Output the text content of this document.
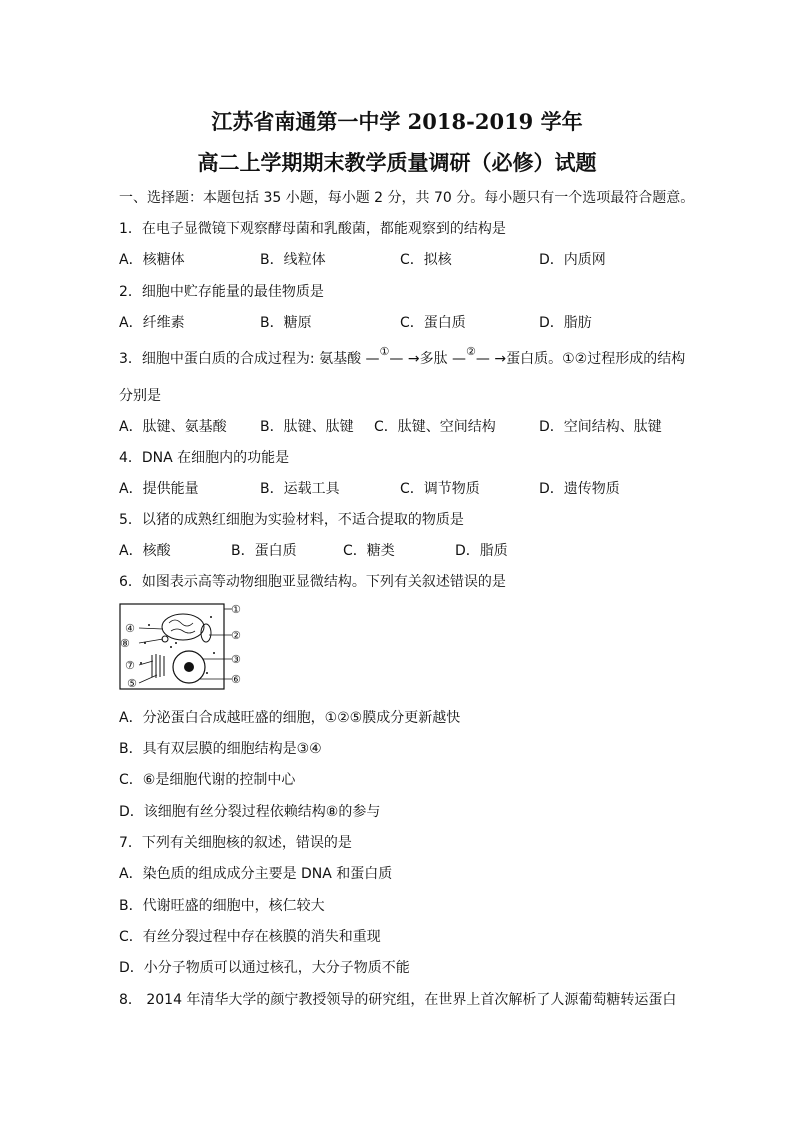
江苏省南通第一中学 2018-2019 学年
高二上学期期末教学质量调研（必修）试题
一、选择题：本题包括 35 小题，每小题 2 分，共 70 分。每小题只有一个选项最符合题意。
1．在电子显微镜下观察酵母菌和乳酸菌，都能观察到的结构是
A．核糖体	B．线粒体	C．拟核	D．内质网
2．细胞中贮存能量的最佳物质是
A．纤维素	B．糖原	C．蛋白质	D．脂肪
3．细胞中蛋白质的合成过程为: 氨基酸 —①— →多肽 —②— →蛋白质。①②过程形成的结构
分别是
A．肽键、氨基酸 B．肽键、肽键 C．肽键、空间结构	D．空间结构、肽键
4．DNA 在细胞内的功能是
A．提供能量	B．运载工具	C．调节物质	D．遗传物质
5．以猪的成熟红细胞为实验材料，不适合提取的物质是
A．核酸	B．蛋白质	C．糖类	D．脂质
6．如图表示高等动物细胞亚显微结构。下列有关叙述错误的是
①
②
③
⑥
④
⑧
⑦
⑤
A．分泌蛋白合成越旺盛的细胞，①②⑤膜成分更新越快
B．具有双层膜的细胞结构是③④
C．⑥是细胞代谢的控制中心
D．该细胞有丝分裂过程依赖结构⑧的参与
7．下列有关细胞核的叙述，错误的是
A．染色质的组成成分主要是 DNA 和蛋白质
B．代谢旺盛的细胞中，核仁较大
C．有丝分裂过程中存在核膜的消失和重现
D．小分子物质可以通过核孔，大分子物质不能
8． 2014 年清华大学的颜宁教授领导的研究组，在世界上首次解析了人源葡萄糖转运蛋白
